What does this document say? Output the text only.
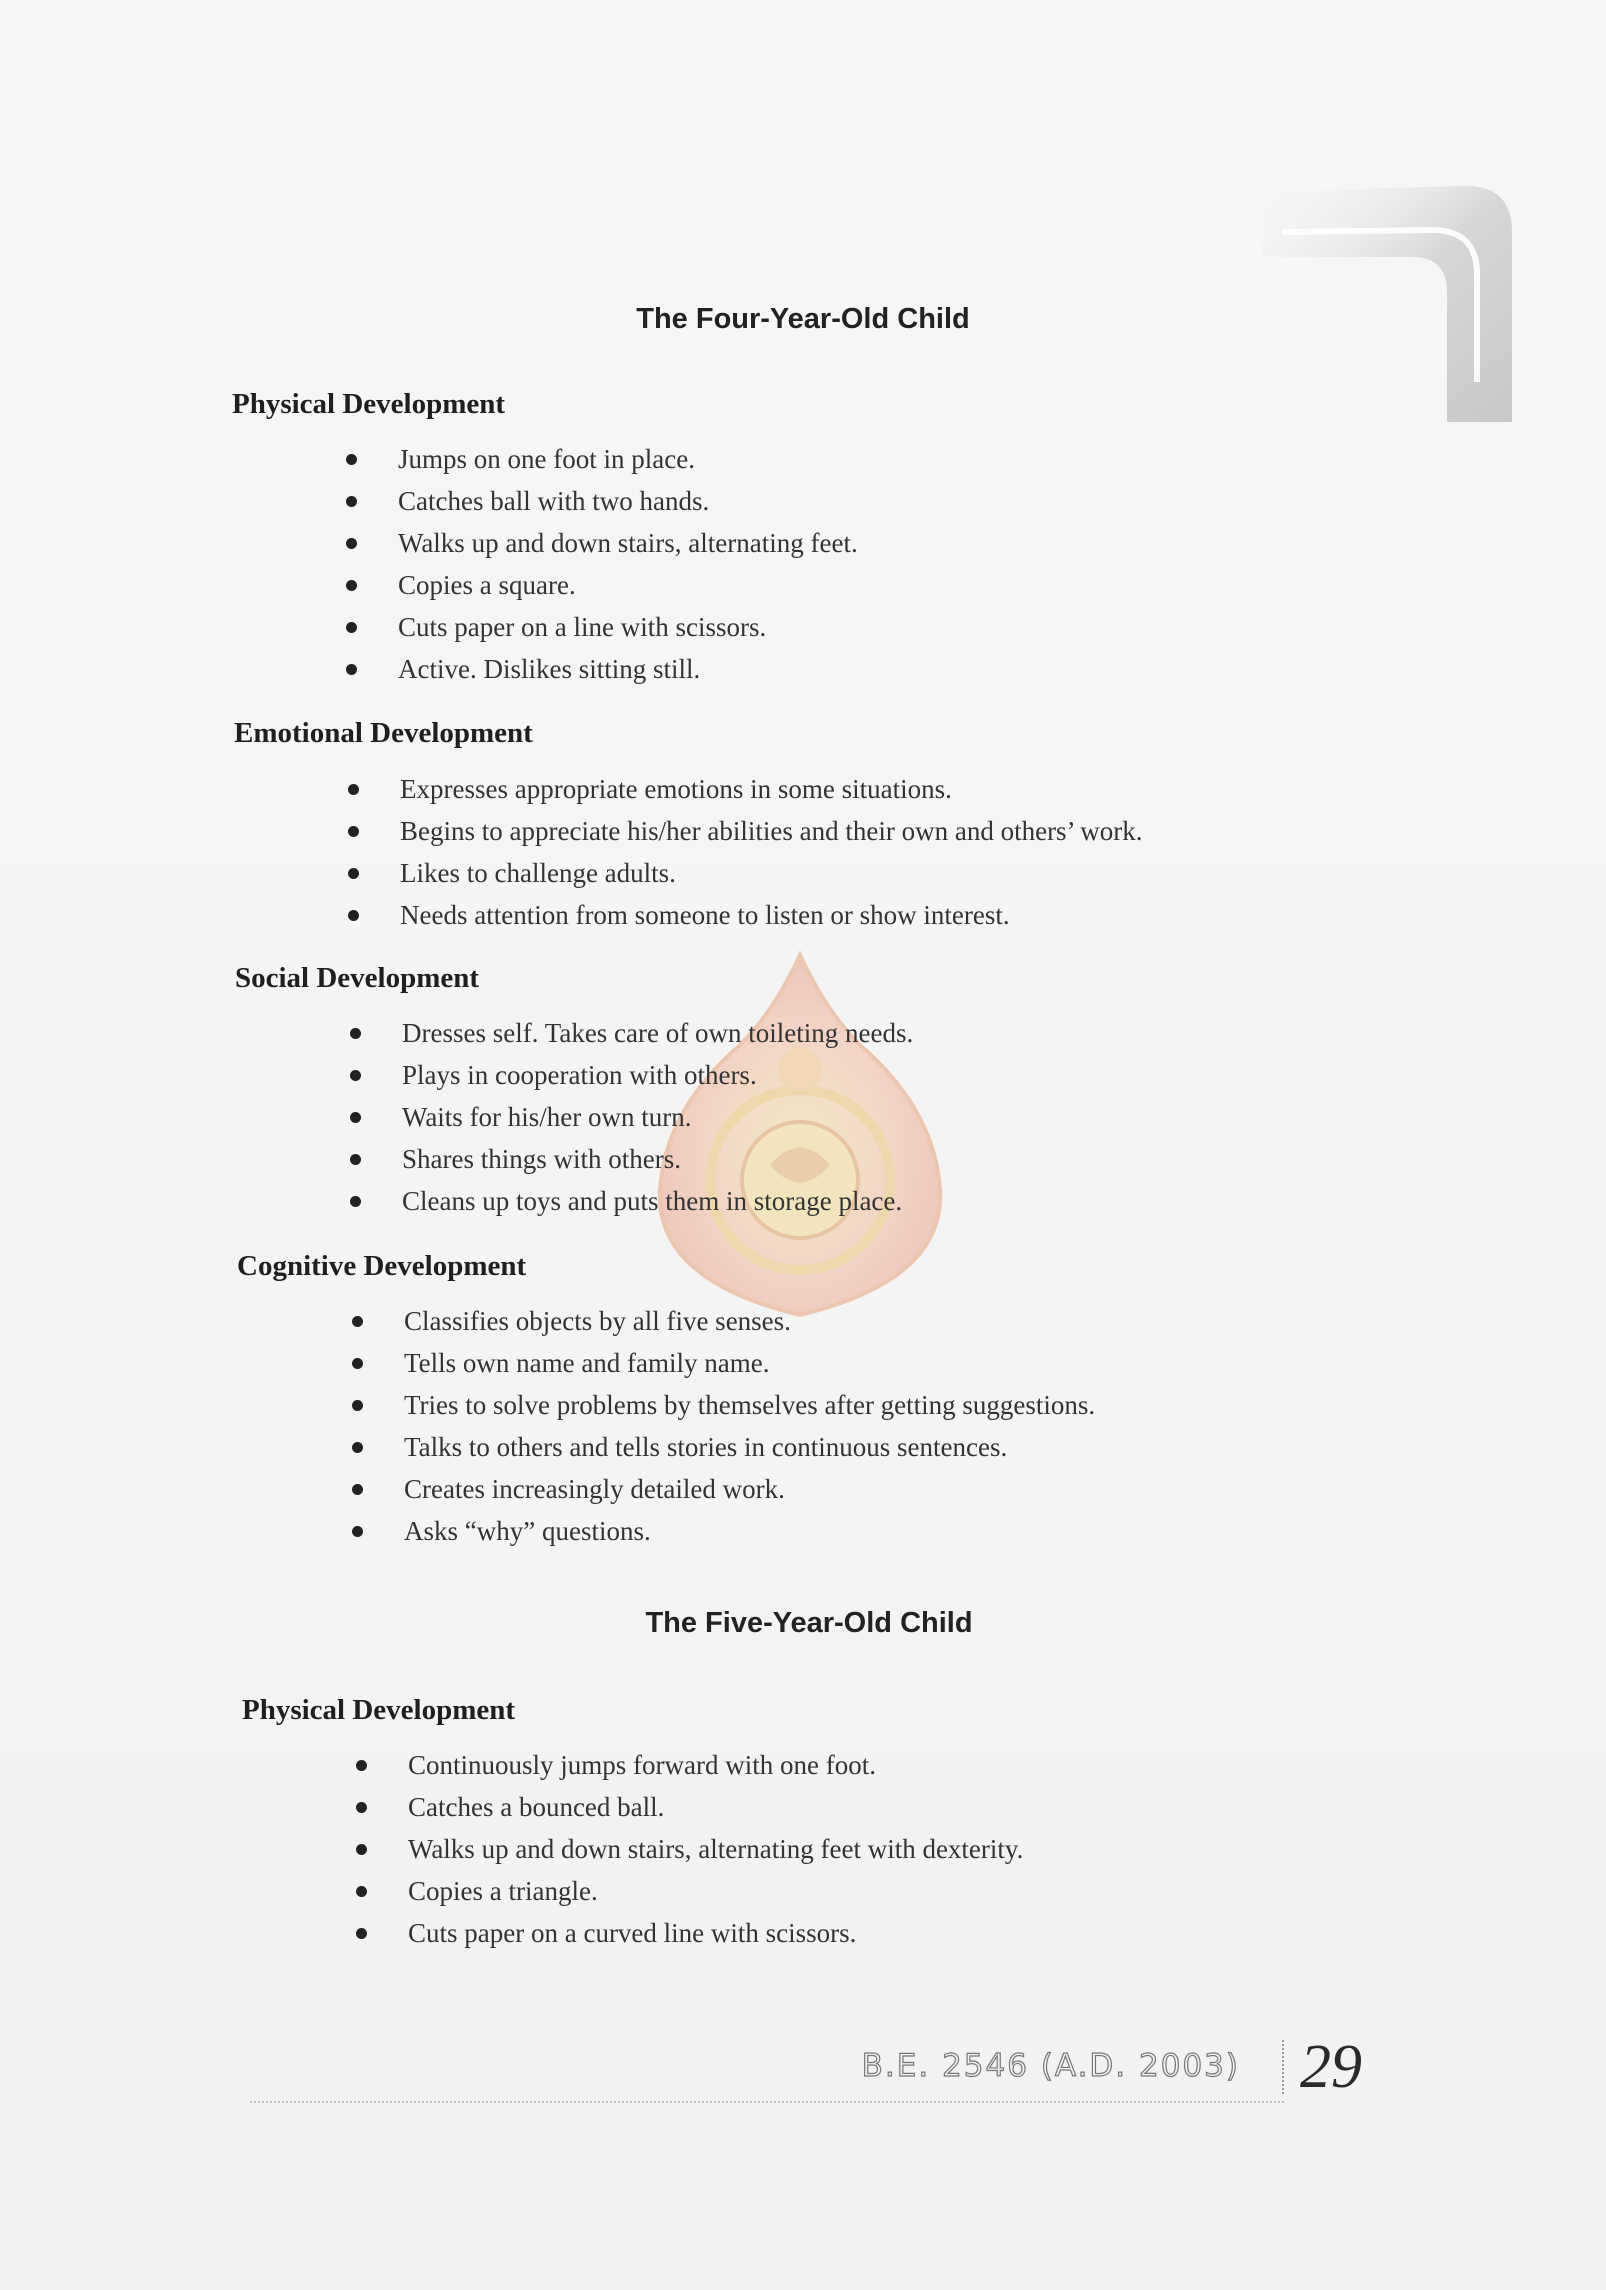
The Four-Year-Old Child
Physical Development
Jumps on one foot in place.
Catches ball with two hands.
Walks up and down stairs, alternating feet.
Copies a square.
Cuts paper on a line with scissors.
Active. Dislikes sitting still.
Emotional Development
Expresses appropriate emotions in some situations.
Begins to appreciate his/her abilities and their own and others’ work.
Likes to challenge adults.
Needs attention from someone to listen or show interest.
Social Development
Dresses self. Takes care of own toileting needs.
Plays in cooperation with others.
Waits for his/her own turn.
Shares things with others.
Cleans up toys and puts them in storage place.
Cognitive Development
Classifies objects by all five senses.
Tells own name and family name.
Tries to solve problems by themselves after getting suggestions.
Talks to others and tells stories in continuous sentences.
Creates increasingly detailed work.
Asks “why” questions.
The Five-Year-Old Child
Physical Development
Continuously jumps forward with one foot.
Catches a bounced ball.
Walks up and down stairs, alternating feet with dexterity.
Copies a triangle.
Cuts paper on a curved line with scissors.
B.E. 2546 (A.D. 2003) 29
